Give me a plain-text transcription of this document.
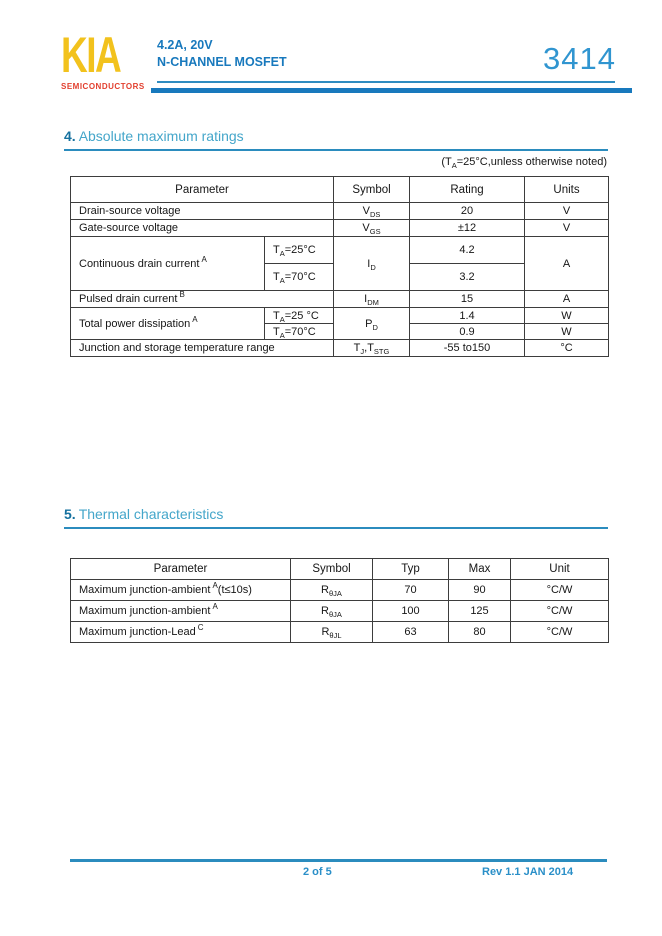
KIA
SEMICONDUCTORS
4.2A, 20V
N-CHANNEL MOSFET	3414
4. Absolute maximum ratings
($T_A=25^\circ C,unless$ otherwise noted)
Parameter		Symbol	Rating	Units
Drain-source voltage		$V_{DS}$	20	V
Gate-source voltage		$V_{GS}$	±12	V
Continuous drain current $^A$	$T_A=25^\circ C$	$I_D$	4.2	A
	$T_A=70^\circ C$		3.2	
Pulsed drain current $^B$		$I_{DM}$	15	A
Total power dissipation $^A$	$T_A=25$ °C	$P_D$	1.4	W
	$T_A=70^\circ C$		0.9	W
Junction and storage temperature range		$T_J,T_{STG}$	-55 to150	°C
5. Thermal characteristics
Parameter	Symbol	Typ	Max	Unit
Maximum junction-ambient $^A$(t≤10s)	$R_{\theta JA}$	70	90	°C/W
Maximum junction-ambient $^A$	$R_{\theta JA}$	100	125	°C/W
Maximum junction-Lead $^C$	$R_{\theta JL}$	63	80	°C/W
2 of 5	Rev 1.1 JAN 2014
